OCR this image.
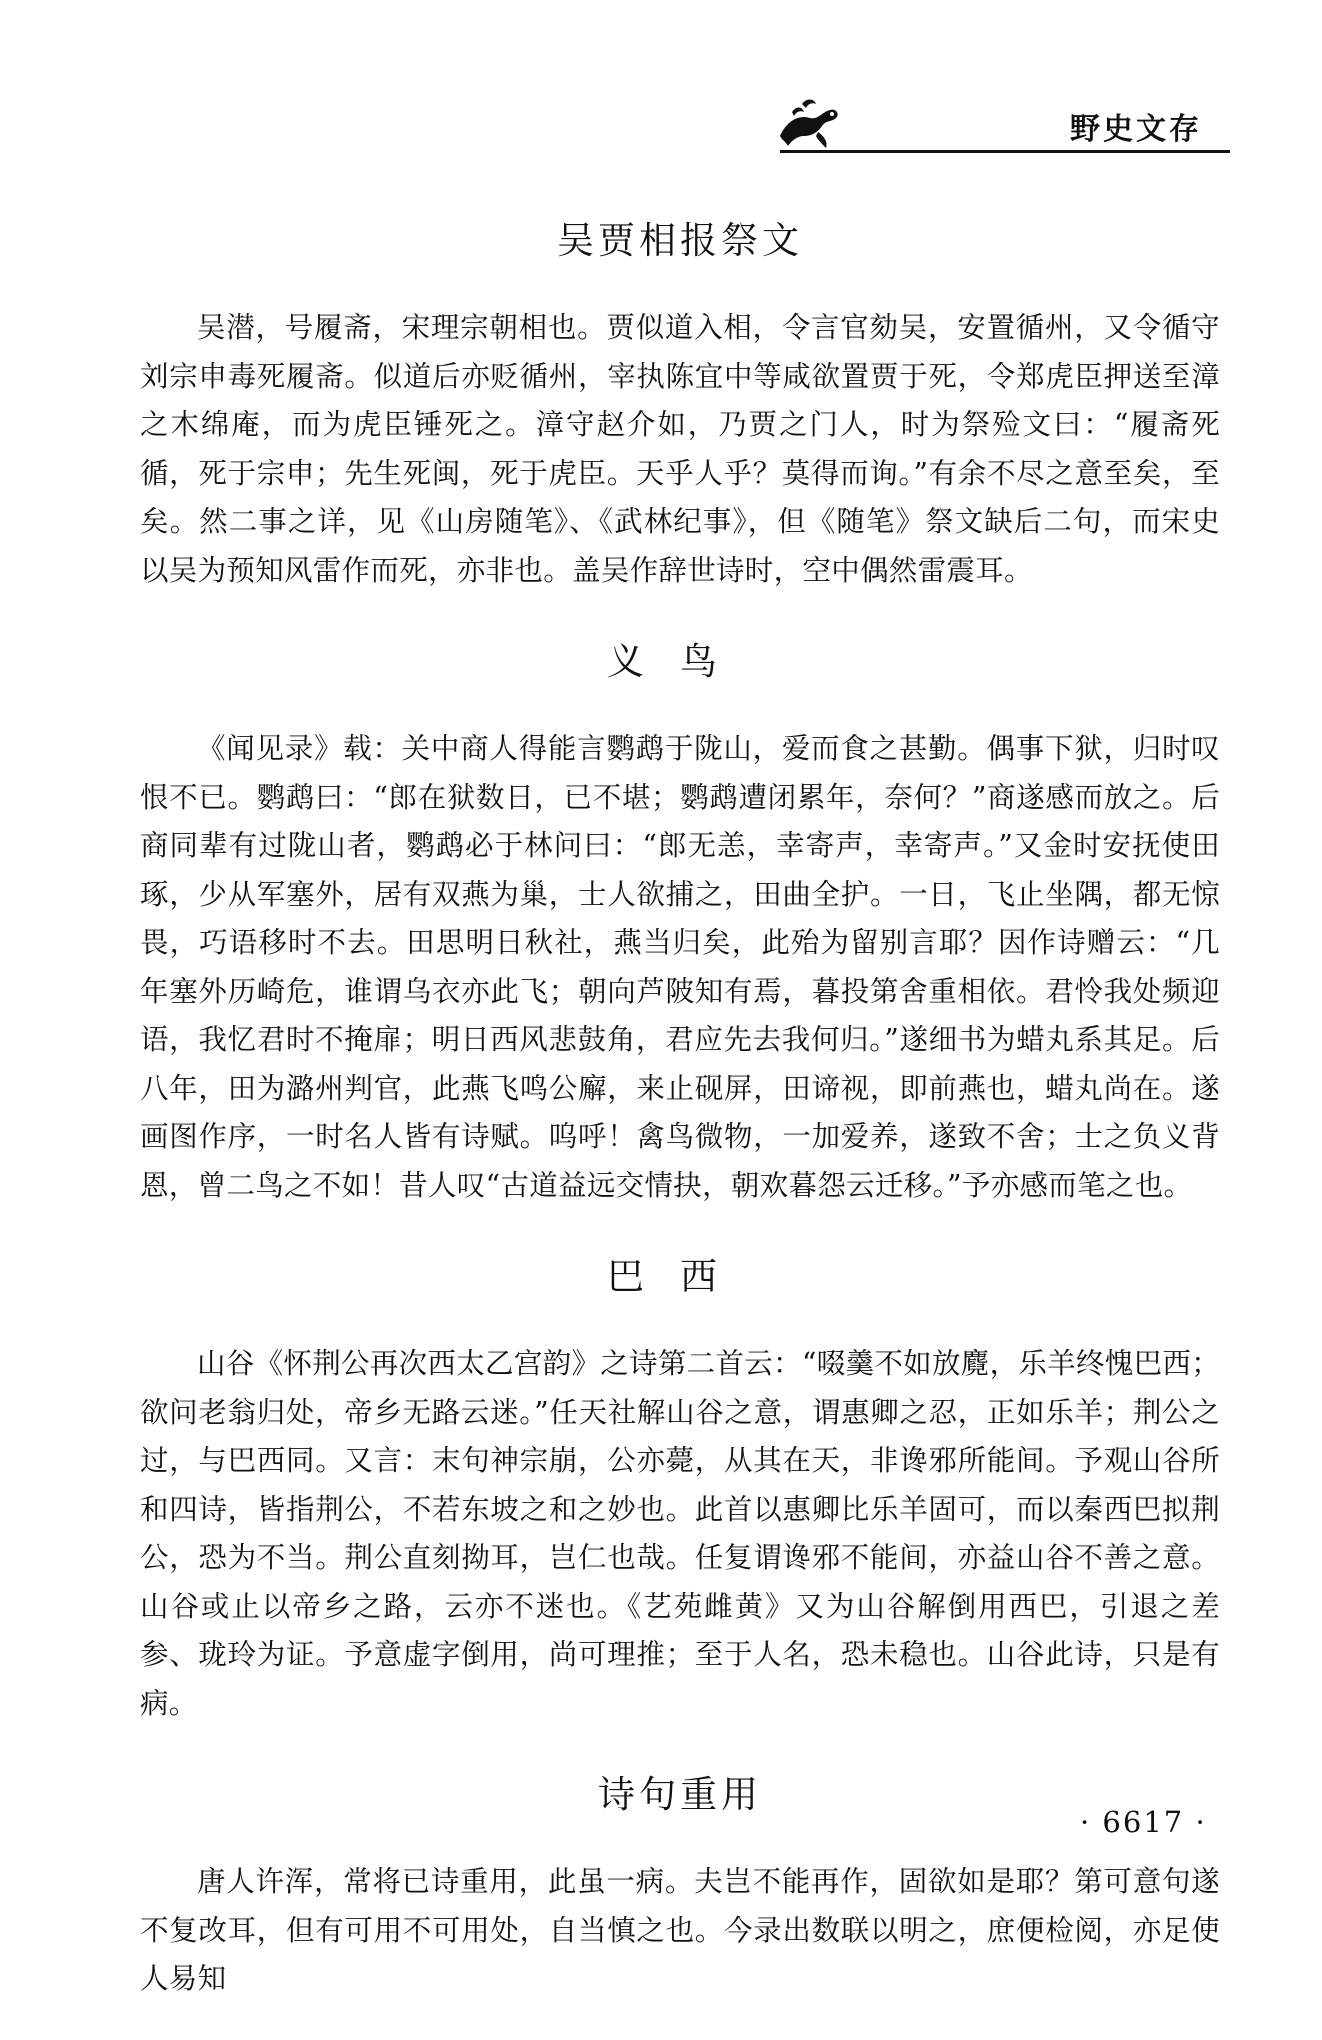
野史文存
吴贾相报祭文

吴潜，号履斋，宋理宗朝相也。贾似道入相，令言官劾吴，安置循州，又令循守刘宗申毒死履斋。似道后亦贬循州，宰执陈宜中等咸欲置贾于死，令郑虎臣押送至漳之木绵庵，而为虎臣锤死之。漳守赵介如，乃贾之门人，时为祭殓文曰：“履斋死循，死于宗申；先生死闽，死于虎臣。天乎人乎？莫得而询。”有余不尽之意至矣，至矣。然二事之详，见《山房随笔》、《武林纪事》，但《随笔》祭文缺后二句，而宋史以吴为预知风雷作而死，亦非也。盖吴作辞世诗时，空中偶然雷震耳。

义鸟

《闻见录》载：关中商人得能言鹦鹉于陇山，爱而食之甚勤。偶事下狱，归时叹恨不已。鹦鹉曰：“郎在狱数日，已不堪；鹦鹉遭闭累年，奈何？”商遂感而放之。后商同辈有过陇山者，鹦鹉必于林问曰：“郎无恙，幸寄声，幸寄声。”又金时安抚使田琢，少从军塞外，居有双燕为巢，士人欲捕之，田曲全护。一日，飞止坐隅，都无惊畏，巧语移时不去。田思明日秋社，燕当归矣，此殆为留别言耶？因作诗赠云：“几年塞外历崎危，谁谓乌衣亦此飞；朝向芦陂知有焉，暮投第舍重相依。君怜我处频迎语，我忆君时不掩扉；明日西风悲鼓角，君应先去我何归。”遂细书为蜡丸系其足。后八年，田为潞州判官，此燕飞鸣公廨，来止砚屏，田谛视，即前燕也，蜡丸尚在。遂画图作序，一时名人皆有诗赋。呜呼！禽鸟微物，一加爱养，遂致不舍；士之负义背恩，曾二鸟之不如！昔人叹“古道益远交情抉，朝欢暮怨云迁移。”予亦感而笔之也。

巴西

山谷《怀荆公再次西太乙宫韵》之诗第二首云：“啜羹不如放麑，乐羊终愧巴西；欲问老翁归处，帝乡无路云迷。”任天社解山谷之意，谓惠卿之忍，正如乐羊；荆公之过，与巴西同。又言：末句神宗崩，公亦薨，从其在天，非谗邪所能间。予观山谷所和四诗，皆指荆公，不若东坡之和之妙也。此首以惠卿比乐羊固可，而以秦西巴拟荆公，恐为不当。荆公直刻拗耳，岂仁也哉。任复谓谗邪不能间，亦益山谷不善之意。山谷或止以帝乡之路，云亦不迷也。《艺苑雌黄》又为山谷解倒用西巴，引退之差参、珑玲为证。予意虚字倒用，尚可理推；至于人名，恐未稳也。山谷此诗，只是有病。

诗句重用

唐人许浑，常将已诗重用，此虽一病。夫岂不能再作，固欲如是耶？第可意句遂不复改耳，但有可用不可用处，自当慎之也。今录出数联以明之，庶便检阅，亦足使人易知

· 6617 ·
